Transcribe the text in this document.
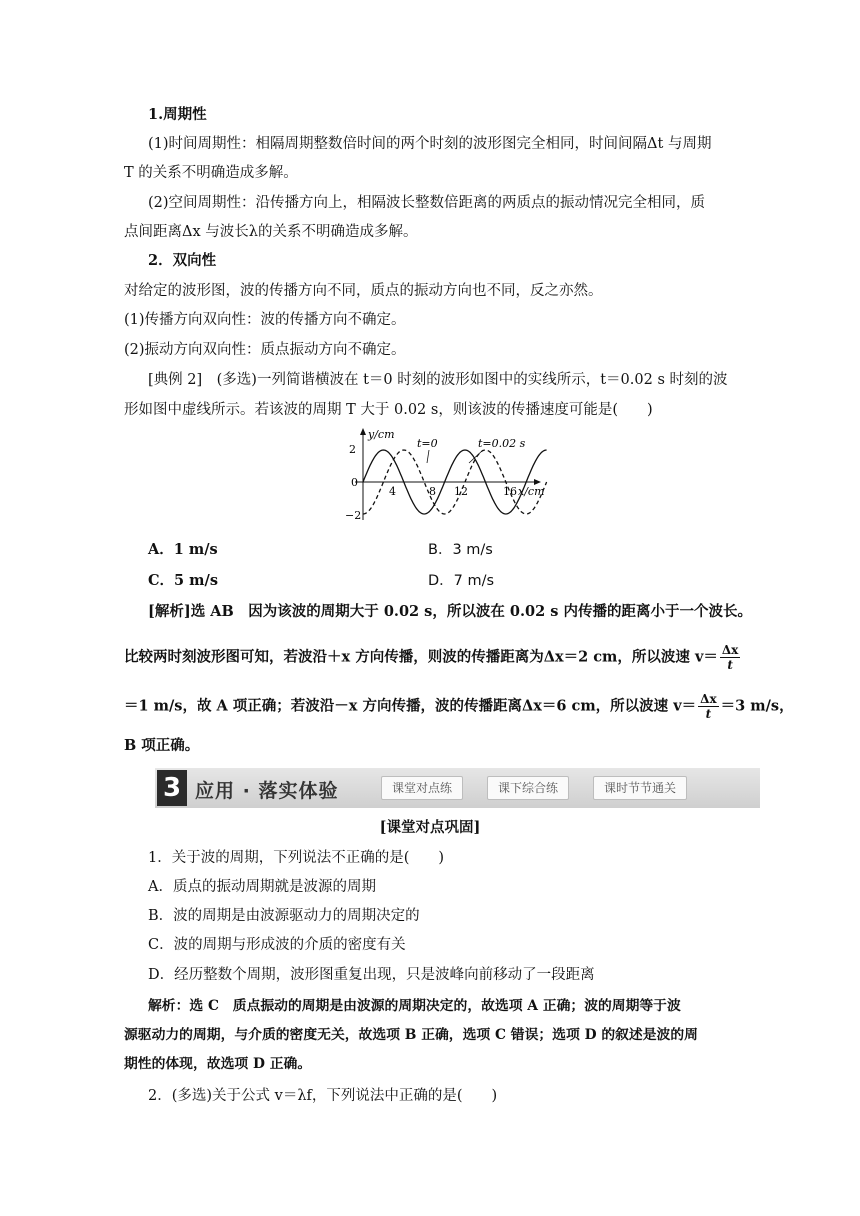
1.周期性
(1)时间周期性：相隔周期整数倍时间的两个时刻的波形图完全相同，时间间隔Δt 与周期
T 的关系不明确造成多解。
(2)空间周期性：沿传播方向上，相隔波长整数倍距离的两质点的振动情况完全相同，质
点间距离Δx 与波长λ的关系不明确造成多解。
2．双向性
对给定的波形图，波的传播方向不同，质点的振动方向也不同，反之亦然。
(1)传播方向双向性：波的传播方向不确定。
(2)振动方向双向性：质点振动方向不确定。
[典例 2]　(多选)一列简谐横波在 t＝0 时刻的波形如图中的实线所示，t＝0.02 s 时刻的波
形如图中虚线所示。若该波的周期 T 大于 0.02 s，则该波的传播速度可能是(　　)
y/cm
x/cm
2
0
−2
4	8 12	16
t=0	t=0.02 s
A．1 m/s	B．3 m/s
C．5 m/s	D．7 m/s
[解析]选 AB　因为该波的周期大于 0.02 s，所以波在 0.02 s 内传播的距离小于一个波长。
比较两时刻波形图可知，若波沿＋x 方向传播，则波的传播距离为Δx＝2 cm，所以波速 $v= \frac{\Delta x}{t}$
＝1 m/s，故 A 项正确；若波沿－x 方向传播，波的传播距离Δx＝6 cm，所以波速 $v= \frac{\Delta x}{t} =3$ m/s，
B 项正确。
3 应用 · 落实体验	课堂对点练	课下综合练	课时节节通关
[课堂对点巩固]
1．关于波的周期，下列说法不正确的是(　　)
A．质点的振动周期就是波源的周期
B．波的周期是由波源驱动力的周期决定的
C．波的周期与形成波的介质的密度有关
D．经历整数个周期，波形图重复出现，只是波峰向前移动了一段距离
解析：选 C　质点振动的周期是由波源的周期决定的，故选项 A 正确；波的周期等于波
源驱动力的周期，与介质的密度无关，故选项 B 正确，选项 C 错误；选项 D 的叙述是波的周
期性的体现，故选项 D 正确。
2．(多选)关于公式 v＝λf，下列说法中正确的是(　　)
